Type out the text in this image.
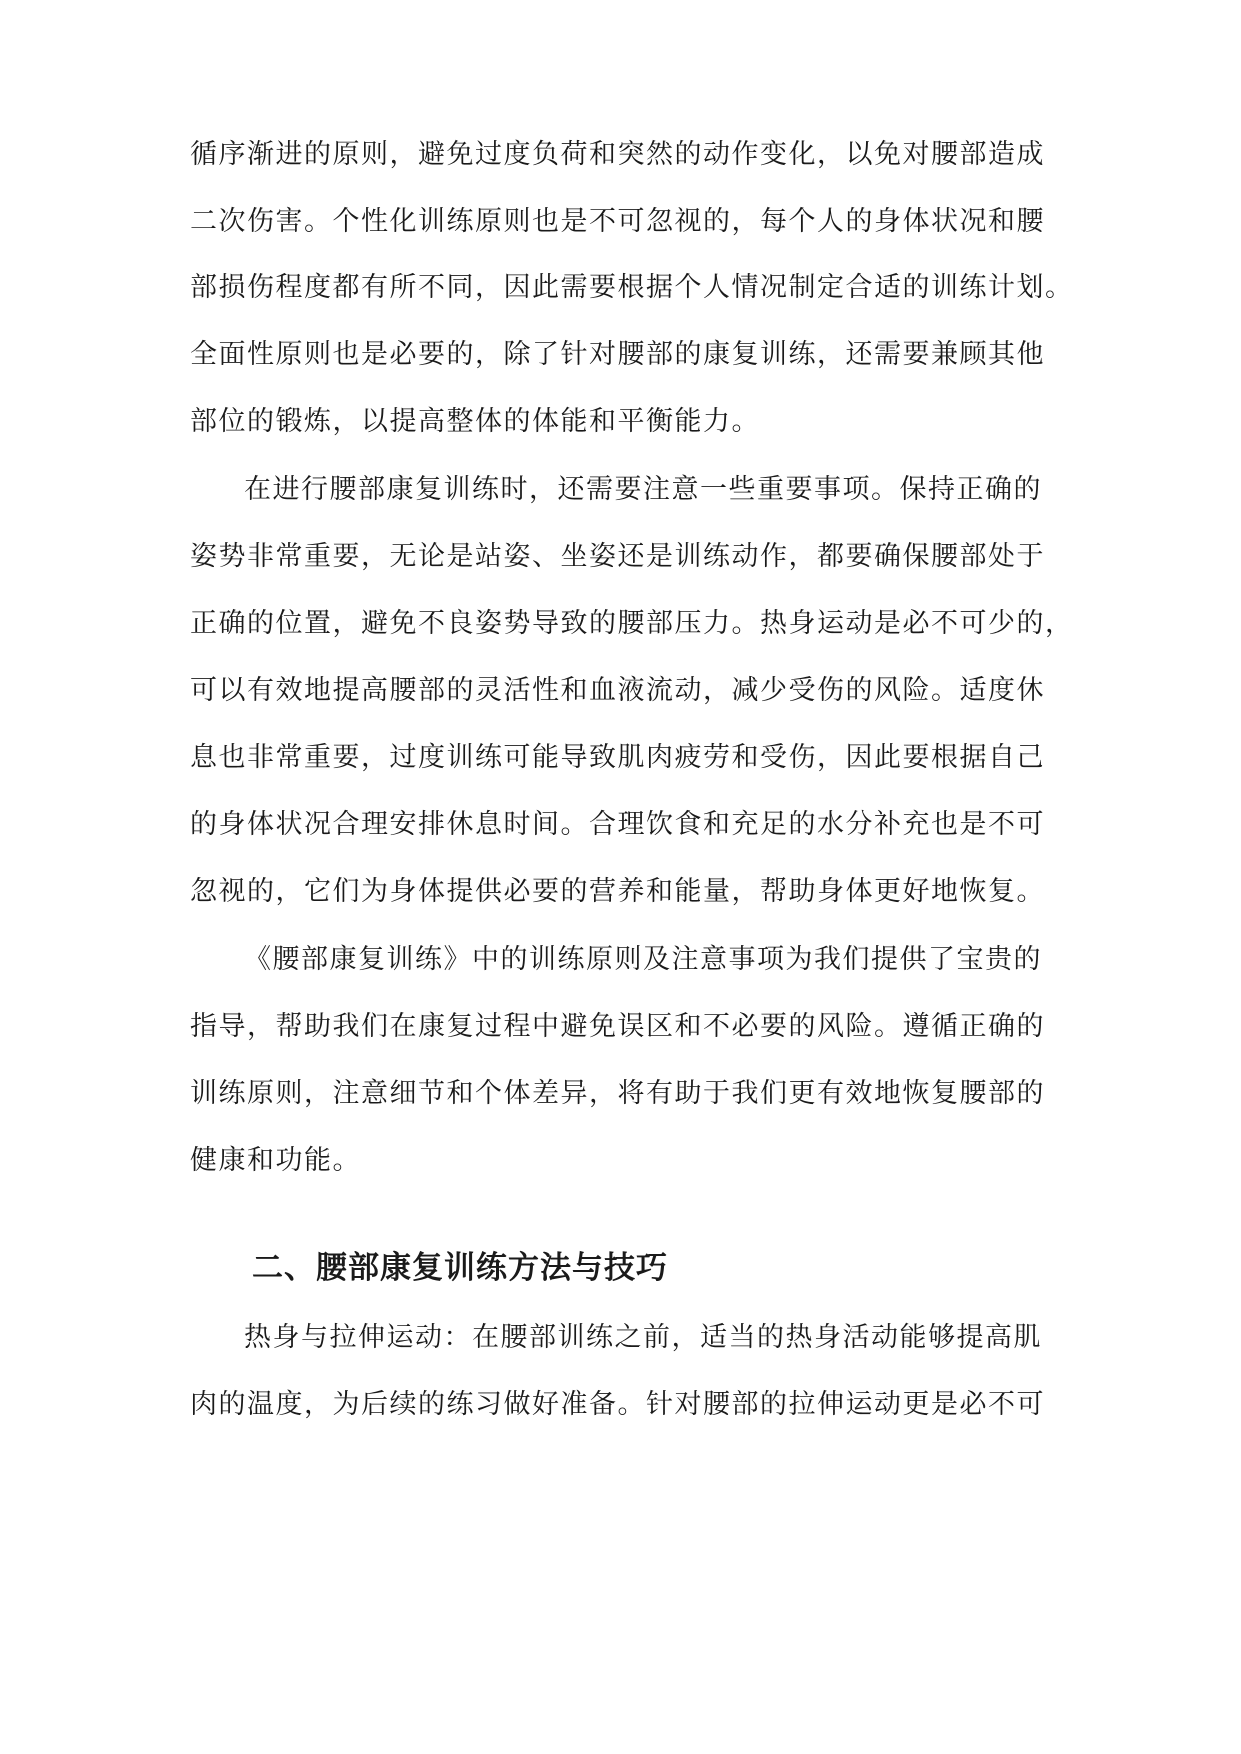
循序渐进的原则，避免过度负荷和突然的动作变化，以免对腰部造成
二次伤害。个性化训练原则也是不可忽视的，每个人的身体状况和腰
部损伤程度都有所不同，因此需要根据个人情况制定合适的训练计划。
全面性原则也是必要的，除了针对腰部的康复训练，还需要兼顾其他
部位的锻炼，以提高整体的体能和平衡能力。
在进行腰部康复训练时，还需要注意一些重要事项。保持正确的
姿势非常重要，无论是站姿、坐姿还是训练动作，都要确保腰部处于
正确的位置，避免不良姿势导致的腰部压力。热身运动是必不可少的，
可以有效地提高腰部的灵活性和血液流动，减少受伤的风险。适度休
息也非常重要，过度训练可能导致肌肉疲劳和受伤，因此要根据自己
的身体状况合理安排休息时间。合理饮食和充足的水分补充也是不可
忽视的，它们为身体提供必要的营养和能量，帮助身体更好地恢复。
《腰部康复训练》中的训练原则及注意事项为我们提供了宝贵的
指导，帮助我们在康复过程中避免误区和不必要的风险。遵循正确的
训练原则，注意细节和个体差异，将有助于我们更有效地恢复腰部的
健康和功能。
二、腰部康复训练方法与技巧
热身与拉伸运动：在腰部训练之前，适当的热身活动能够提高肌
肉的温度，为后续的练习做好准备。针对腰部的拉伸运动更是必不可
